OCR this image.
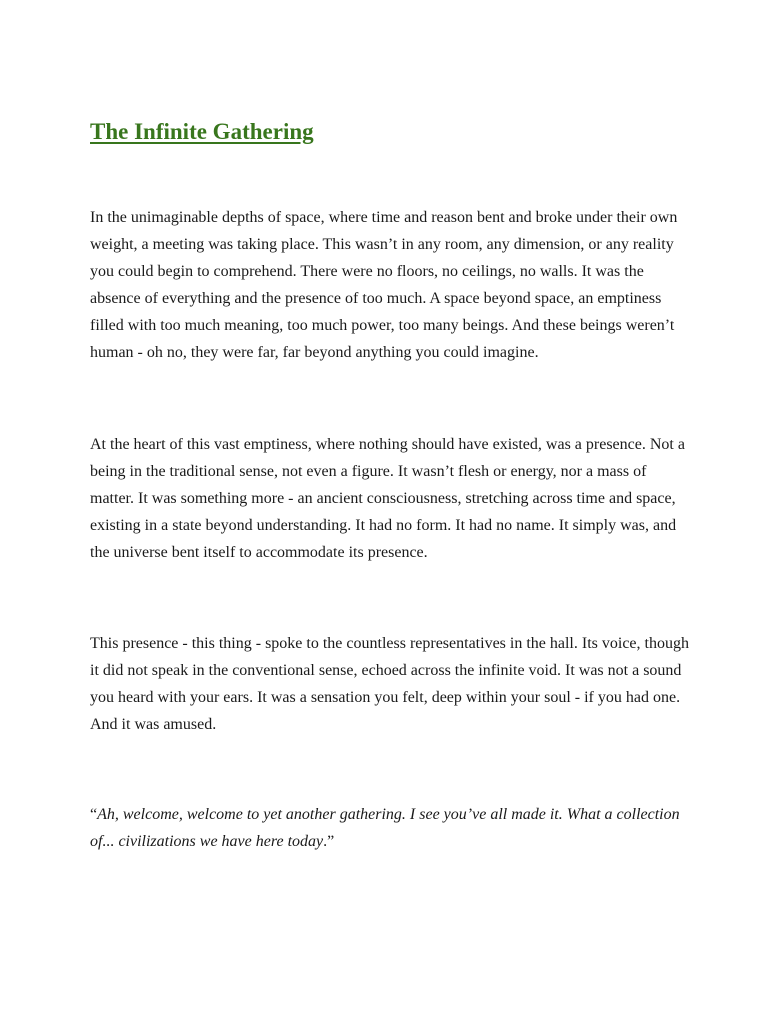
The Infinite Gathering

In the unimaginable depths of space, where time and reason bent and broke under their own weight, a meeting was taking place. This wasn’t in any room, any dimension, or any reality you could begin to comprehend. There were no floors, no ceilings, no walls. It was the absence of everything and the presence of too much. A space beyond space, an emptiness filled with too much meaning, too much power, too many beings. And these beings weren’t human - oh no, they were far, far beyond anything you could imagine.

At the heart of this vast emptiness, where nothing should have existed, was a presence. Not a being in the traditional sense, not even a figure. It wasn’t flesh or energy, nor a mass of matter. It was something more - an ancient consciousness, stretching across time and space, existing in a state beyond understanding. It had no form. It had no name. It simply was, and the universe bent itself to accommodate its presence.

This presence - this thing - spoke to the countless representatives in the hall. Its voice, though it did not speak in the conventional sense, echoed across the infinite void. It was not a sound you heard with your ears. It was a sensation you felt, deep within your soul - if you had one. And it was amused.

“Ah, welcome, welcome to yet another gathering. I see you’ve all made it. What a collection of... civilizations we have here today.”
